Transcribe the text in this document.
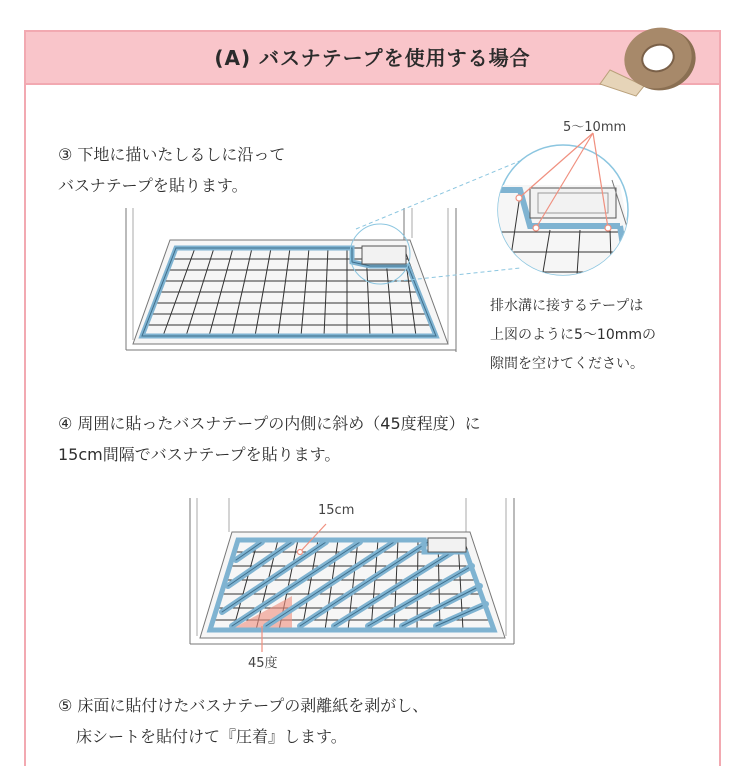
(A) バスナテープを使用する場合
③ 下地に描いたしるしに沿って
バスナテープを貼ります。
5～10mm
排水溝に接するテープは
上図のように5～10mmの
隙間を空けてください。
④ 周囲に貼ったバスナテープの内側に斜め（45度程度）に
15cm間隔でバスナテープを貼ります。
15cm
45度
⑤ 床面に貼付けたバスナテープの剥離紙を剥がし、
床シートを貼付けて『圧着』します。
